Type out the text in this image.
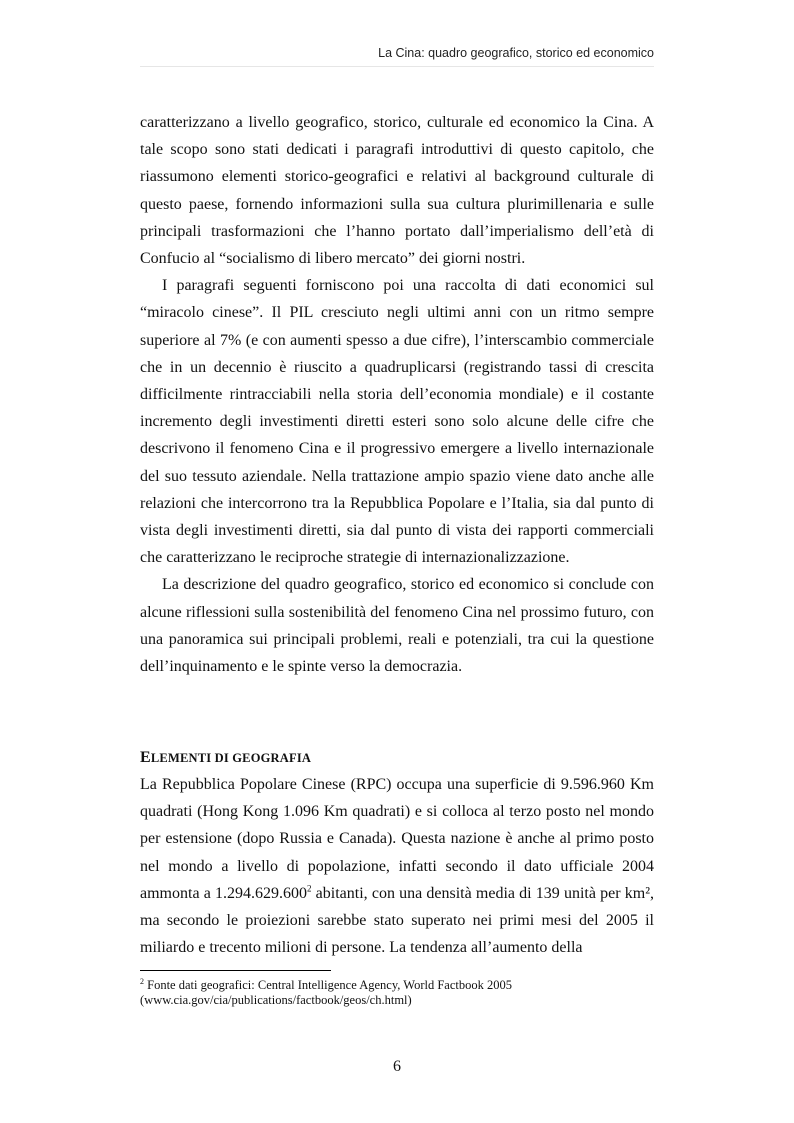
La Cina: quadro geografico, storico ed economico

caratterizzano a livello geografico, storico, culturale ed economico la Cina. A tale scopo sono stati dedicati i paragrafi introduttivi di questo capitolo, che riassumono elementi storico-geografici e relativi al background culturale di questo paese, fornendo informazioni sulla sua cultura plurimillenaria e sulle principali trasformazioni che l’hanno portato dall’imperialismo dell’età di Confucio al “socialismo di libero mercato” dei giorni nostri.

I paragrafi seguenti forniscono poi una raccolta di dati economici sul “miracolo cinese”. Il PIL cresciuto negli ultimi anni con un ritmo sempre superiore al 7% (e con aumenti spesso a due cifre), l’interscambio commerciale che in un decennio è riuscito a quadruplicarsi (registrando tassi di crescita difficilmente rintracciabili nella storia dell’economia mondiale) e il costante incremento degli investimenti diretti esteri sono solo alcune delle cifre che descrivono il fenomeno Cina e il progressivo emergere a livello internazionale del suo tessuto aziendale. Nella trattazione ampio spazio viene dato anche alle relazioni che intercorrono tra la Repubblica Popolare e l’Italia, sia dal punto di vista degli investimenti diretti, sia dal punto di vista dei rapporti commerciali che caratterizzano le reciproche strategie di internazionalizzazione.

La descrizione del quadro geografico, storico ed economico si conclude con alcune riflessioni sulla sostenibilità del fenomeno Cina nel prossimo futuro, con una panoramica sui principali problemi, reali e potenziali, tra cui la questione dell’inquinamento e le spinte verso la democrazia.

ELEMENTI DI GEOGRAFIA

La Repubblica Popolare Cinese (RPC) occupa una superficie di 9.596.960 Km quadrati (Hong Kong 1.096 Km quadrati) e si colloca al terzo posto nel mondo per estensione (dopo Russia e Canada). Questa nazione è anche al primo posto nel mondo a livello di popolazione, infatti secondo il dato ufficiale 2004 ammonta a 1.294.629.600$^2$ abitanti, con una densità media di 139 unità per km², ma secondo le proiezioni sarebbe stato superato nei primi mesi del 2005 il miliardo e trecento milioni di persone. La tendenza all’aumento della

$^2$ Fonte dati geografici: Central Intelligence Agency, World Factbook 2005
(www.cia.gov/cia/publications/factbook/geos/ch.html)
6
